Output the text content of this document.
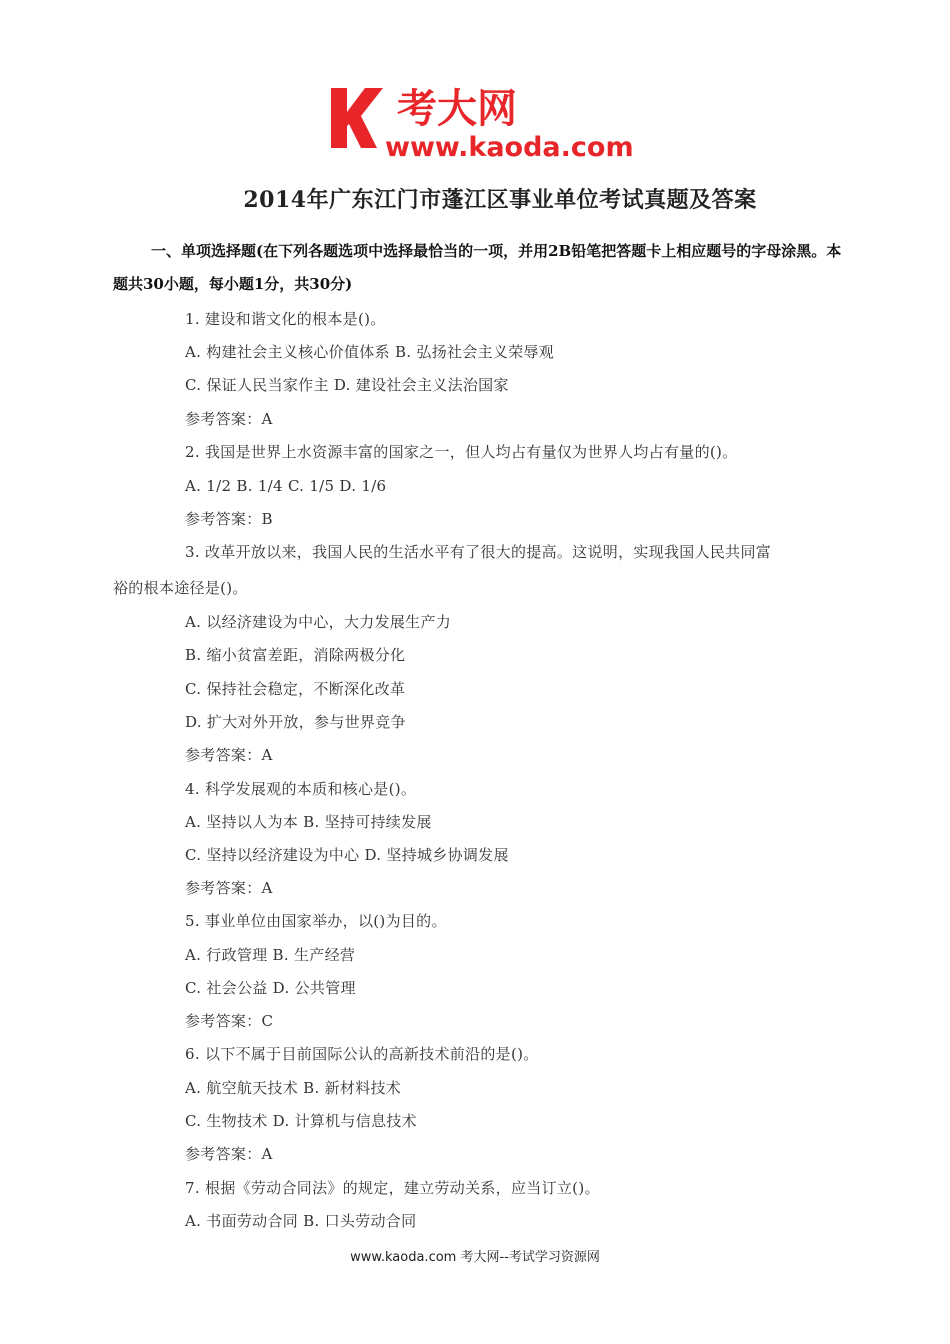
考大网
www.kaoda.com
2014年广东江门市蓬江区事业单位考试真题及答案
一、单项选择题(在下列各题选项中选择最恰当的一项，并用2B铅笔把答题卡上相应题号的字母涂黑。本题共30小题，每小题1分，共30分)
1. 建设和谐文化的根本是()。
A. 构建社会主义核心价值体系 B. 弘扬社会主义荣辱观
C. 保证人民当家作主 D. 建设社会主义法治国家
参考答案：A
2. 我国是世界上水资源丰富的国家之一，但人均占有量仅为世界人均占有量的()。
A. 1/2 B. 1/4 C. 1/5 D. 1/6
参考答案：B
3. 改革开放以来，我国人民的生活水平有了很大的提高。这说明，实现我国人民共同富
裕的根本途径是()。
A. 以经济建设为中心，大力发展生产力
B. 缩小贫富差距，消除两极分化
C. 保持社会稳定，不断深化改革
D. 扩大对外开放，参与世界竞争
参考答案：A
4. 科学发展观的本质和核心是()。
A. 坚持以人为本 B. 坚持可持续发展
C. 坚持以经济建设为中心 D. 坚持城乡协调发展
参考答案：A
5. 事业单位由国家举办，以()为目的。
A. 行政管理 B. 生产经营
C. 社会公益 D. 公共管理
参考答案：C
6. 以下不属于目前国际公认的高新技术前沿的是()。
A. 航空航天技术 B. 新材料技术
C. 生物技术 D. 计算机与信息技术
参考答案：A
7. 根据《劳动合同法》的规定，建立劳动关系，应当订立()。
A. 书面劳动合同 B. 口头劳动合同
www.kaoda.com 考大网--考试学习资源网
